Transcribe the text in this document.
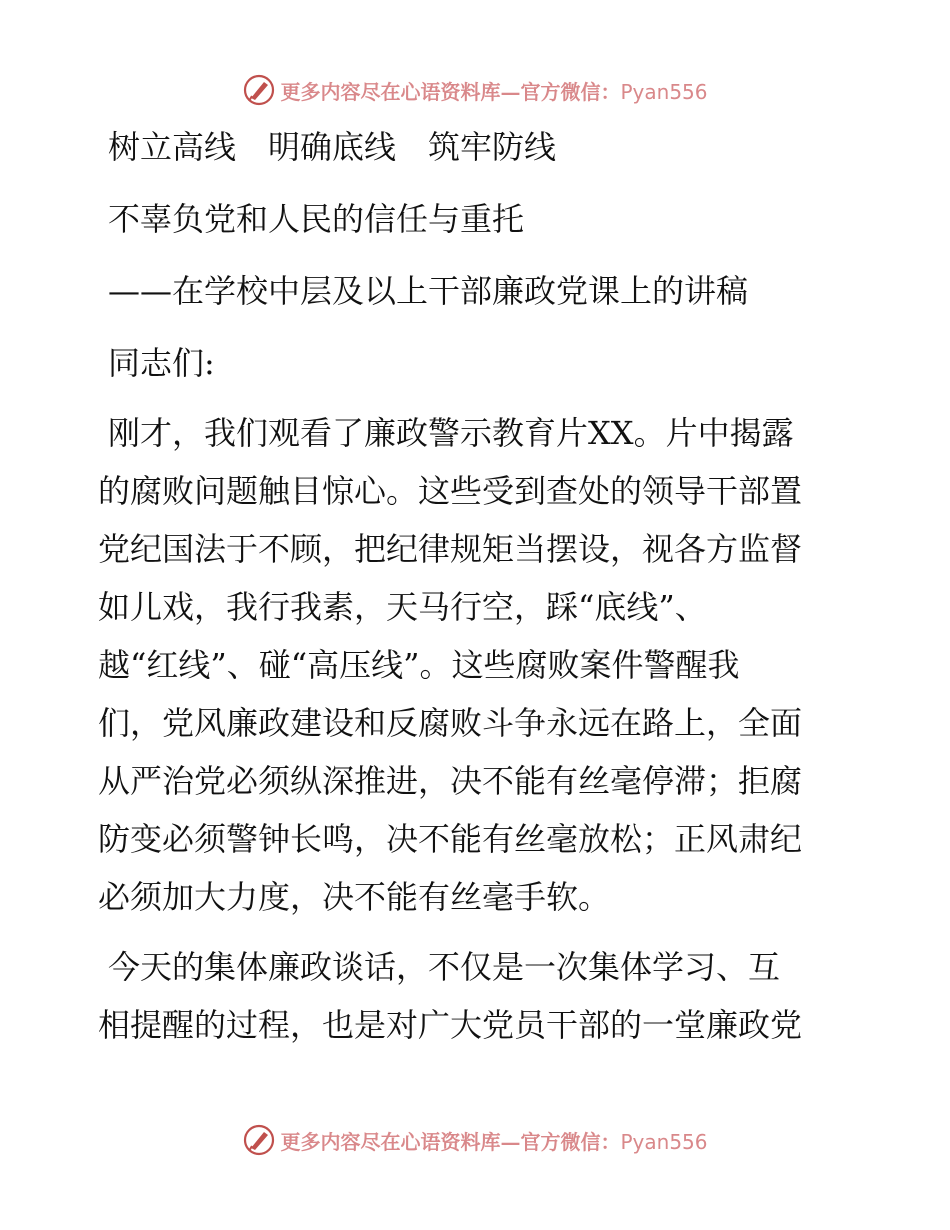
更多内容尽在心语资料库—官方微信：Pyan556

树立高线 明确底线 筑牢防线

不辜负党和人民的信任与重托

——在学校中层及以上干部廉政党课上的讲稿

同志们:

刚才，我们观看了廉政警示教育片XX。片中揭露
的腐败问题触目惊心。这些受到查处的领导干部置
党纪国法于不顾，把纪律规矩当摆设，视各方监督
如儿戏，我行我素，天马行空，踩“底线”、
越“红线”、碰“高压线”。这些腐败案件警醒我
们，党风廉政建设和反腐败斗争永远在路上，全面
从严治党必须纵深推进，决不能有丝毫停滞；拒腐
防变必须警钟长鸣，决不能有丝毫放松；正风肃纪
必须加大力度，决不能有丝毫手软。
今天的集体廉政谈话，不仅是一次集体学习、互
相提醒的过程，也是对广大党员干部的一堂廉政党
更多内容尽在心语资料库—官方微信：Pyan556
